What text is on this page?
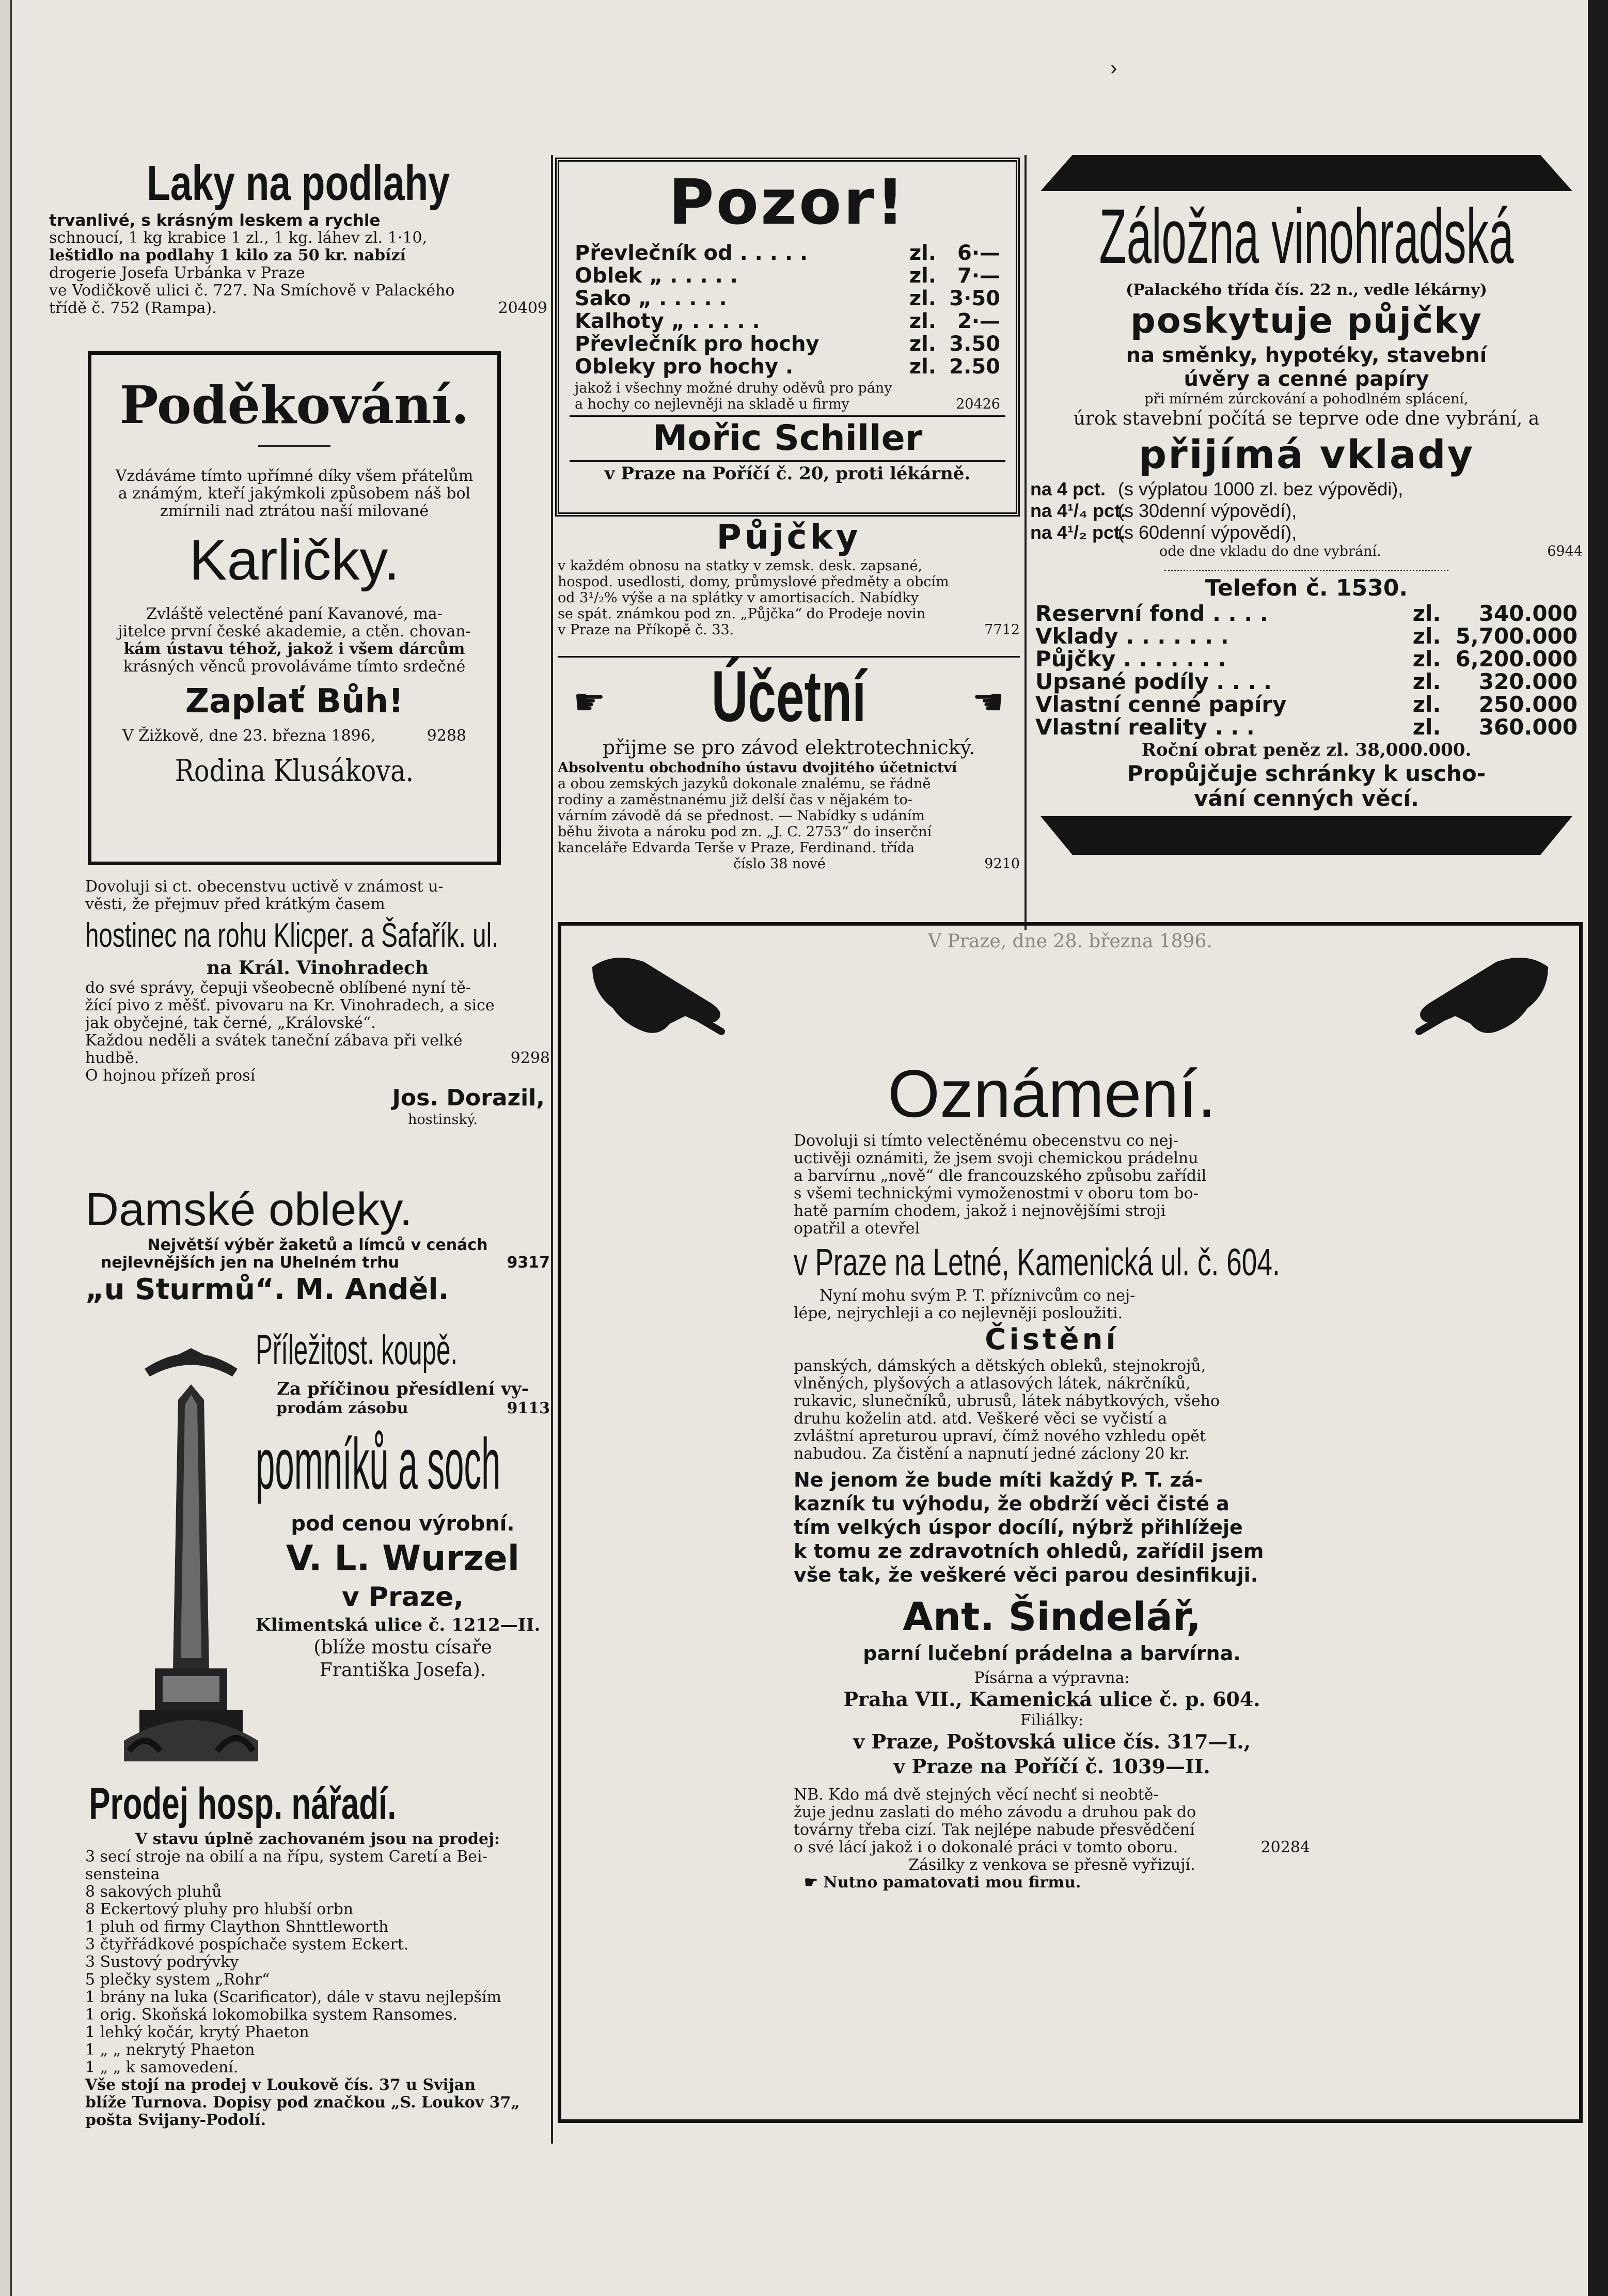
›
Laky na podlahy
trvanlivé, s krásným leskem a rychle
schnoucí, 1 kg krabice 1 zl., 1 kg. láhev zl. 1·10,
leštidlo na podlahy 1 kilo za 50 kr. nabízí
drogerie Josefa Urbánka v Praze
ve Vodičkově ulici č. 727. Na Smíchově v Palackého
třídě č. 752 (Rampa).	20409
Poděkování.
Vzdáváme tímto upřímné díky všem přátelům
a známým, kteří jakýmkoli způsobem náš bol
zmírnili nad ztrátou naší milované
Karličky.
Zvláště velectěné paní Kavanové, ma-
jitelce první české akademie, a ctěn. chovan-
kám ústavu téhož, jakož i všem dárcům
krásných věnců provoláváme tímto srdečné
Zaplať Bůh!
V Žižkově, dne 23. března 1896,	9288
Rodina Klusákova.
Dovoluji si ct. obecenstvu uctivě v známost u-
věsti, že přejmuv před krátkým časem
hostinec na rohu Klicper. a Šafařík. ul.
na Král. Vinohradech
do své správy, čepuji všeobecně oblíbené nyní tě-
žící pivo z měšť. pivovaru na Kr. Vinohradech, a sice
jak obyčejné, tak černé, „Královské“.
Každou neděli a svátek taneční zábava při velké
hudbě.	9298
O hojnou přízeň prosí
Jos. Dorazil,
hostinský.
Damské obleky.
Největší výběr žaketů a límců v cenách
nejlevnějších jen na Uhelném trhu	9317
„u Sturmů“. M. Anděl.
Příležitost. koupě.
Za příčinou přesídlení vy-
prodám zásobu	9113
pomníků a soch
pod cenou výrobní.
V. L. Wurzel
v Praze,
Klimentská ulice č. 1212—II.
(blíže mostu císaře
Františka Josefa).
Prodej hosp. nářadí.
V stavu úplně zachovaném jsou na prodej:
3 secí stroje na obilí a na řípu, system Caretí a Bei-
sensteina
8 sakových pluhů
8 Eckertový pluhy pro hlubší orbn
1 pluh od firmy Claython Shnttleworth
3 čtyřřádkové pospíchače system Eckert.
3 Sustový podrývky
5 plečky system „Rohr“
1 brány na luka (Scarificator), dále v stavu nejlepším
1 orig. Skoňská lokomobilka system Ransomes.
1 lehký kočár, krytý Phaeton
1 „ „ nekrytý Phaeton
1 „ „ k samovedení.
Vše stojí na prodej v Loukově čís. 37 u Svijan
blíže Turnova. Dopisy pod značkou „S. Loukov 37„
pošta Svijany-Podolí.
Pozor!
Převlečník od . . . . .	zl. 6·—
Oblek „ . . . . .	zl. 7·—
Sako „ . . . . .	zl. 3·50
Kalhoty „ . . . . .	zl. 2·—
Převlečník pro hochy	zl. 3.50
Obleky pro hochy .	zl. 2.50
jakož i všechny možné druhy oděvů pro pány
a hochy co nejlevněji na skladě u firmy	20426
Mořic Schiller
v Praze na Poříčí č. 20, proti lékárně.
Půjčky
v každém obnosu na statky v zemsk. desk. zapsané,
hospod. usedlosti, domy, průmyslové předměty a obcím
od 3¹/₂% výše a na splátky v amortisacích. Nabídky
se spát. známkou pod zn. „Půjčka“ do Prodeje novin
v Praze na Příkopě č. 33.	7712
☛	Účetní	☚
přijme se pro závod elektrotechnický.
Absolventu obchodního ústavu dvojitého účetnictví
a obou zemských jazyků dokonale znalému, se řádně
rodiny a zaměstnanému již delší čas v nějakém to-
várním závodě dá se přednost. — Nabídky s udáním
běhu života a nároku pod zn. „J. C. 2753“ do inserční
kanceláře Edvarda Terše v Praze, Ferdinand. třída
číslo 38 nové	9210
Záložna vinohradská
(Palackého třída čís. 22 n., vedle lékárny)
poskytuje půjčky
na směnky, hypotéky, stavební
úvěry a cenné papíry
při mírném zúrckování a pohodlném splácení,
úrok stavební počítá se teprve ode dne vybrání, a
přijímá vklady
na 4 pct. (s výplatou 1000 zl. bez výpovědi),
na 4¹/₄ pct.(s 30denní výpovědí),
na 4¹/₂ pct.(s 60denní výpovědí),
ode dne vkladu do dne vybrání.	6944
Telefon č. 1530.
Reservní fond . . . .	zl. 340.000
Vklady . . . . . . .	zl. 5,700.000
Půjčky . . . . . . .	zl. 6,200.000
Upsané podíly . . . .	zl. 320.000
Vlastní cenné papíry	zl. 250.000
Vlastní reality . . .	zl. 360.000
Roční obrat peněz zl. 38,000.000.
Propůjčuje schránky k uscho-
vání cenných věcí.
V Praze, dne 28. března 1896.
Oznámení.
Dovoluji si tímto velectěnému obecenstvu co nej-
uctivěji oznámiti, že jsem svoji chemickou prádelnu
a barvírnu „nově“ dle francouzského způsobu zařídil
s všemi technickými vymoženostmi v oboru tom bo-
hatě parním chodem, jakož i nejnovějšími stroji
opatřil a otevřel
v Praze na Letné, Kamenická ul. č. 604.
Nyní mohu svým P. T. příznivcům co nej-
lépe, nejrychleji a co nejlevněji posloužiti.
Čistění
panských, dámských a dětských obleků, stejnokrojů,
vlněných, plyšových a atlasových látek, nákrčníků,
rukavic, slunečníků, ubrusů, látek nábytkových, všeho
druhu koželin atd. atd. Veškeré věci se vyčistí a
zvláštní apreturou upraví, čímž nového vzhledu opět
nabudou. Za čistění a napnutí jedné záclony 20 kr.
Ne jenom že bude míti každý P. T. zá-
kazník tu výhodu, že obdrží věci čisté a
tím velkých úspor docílí, nýbrž přihlížeje
k tomu ze zdravotních ohledů, zařídil jsem
vše tak, že veškeré věci parou desinfikuji.
Ant. Šindelář,
parní lučební prádelna a barvírna.
Písárna a výpravna:
Praha VII., Kamenická ulice č. p. 604.
Filiálky:
v Praze, Poštovská ulice čís. 317—I.,
v Praze na Poříčí č. 1039—II.
NB. Kdo má dvě stejných věcí nechť si neobtě-
žuje jednu zaslati do mého závodu a druhou pak do
továrny třeba cizí. Tak nejlépe nabude přesvědčení
o své lácí jakož i o dokonalé práci v tomto oboru.	20284
Zásilky z venkova se přesně vyřizují.
☛ Nutno pamatovati mou firmu.
